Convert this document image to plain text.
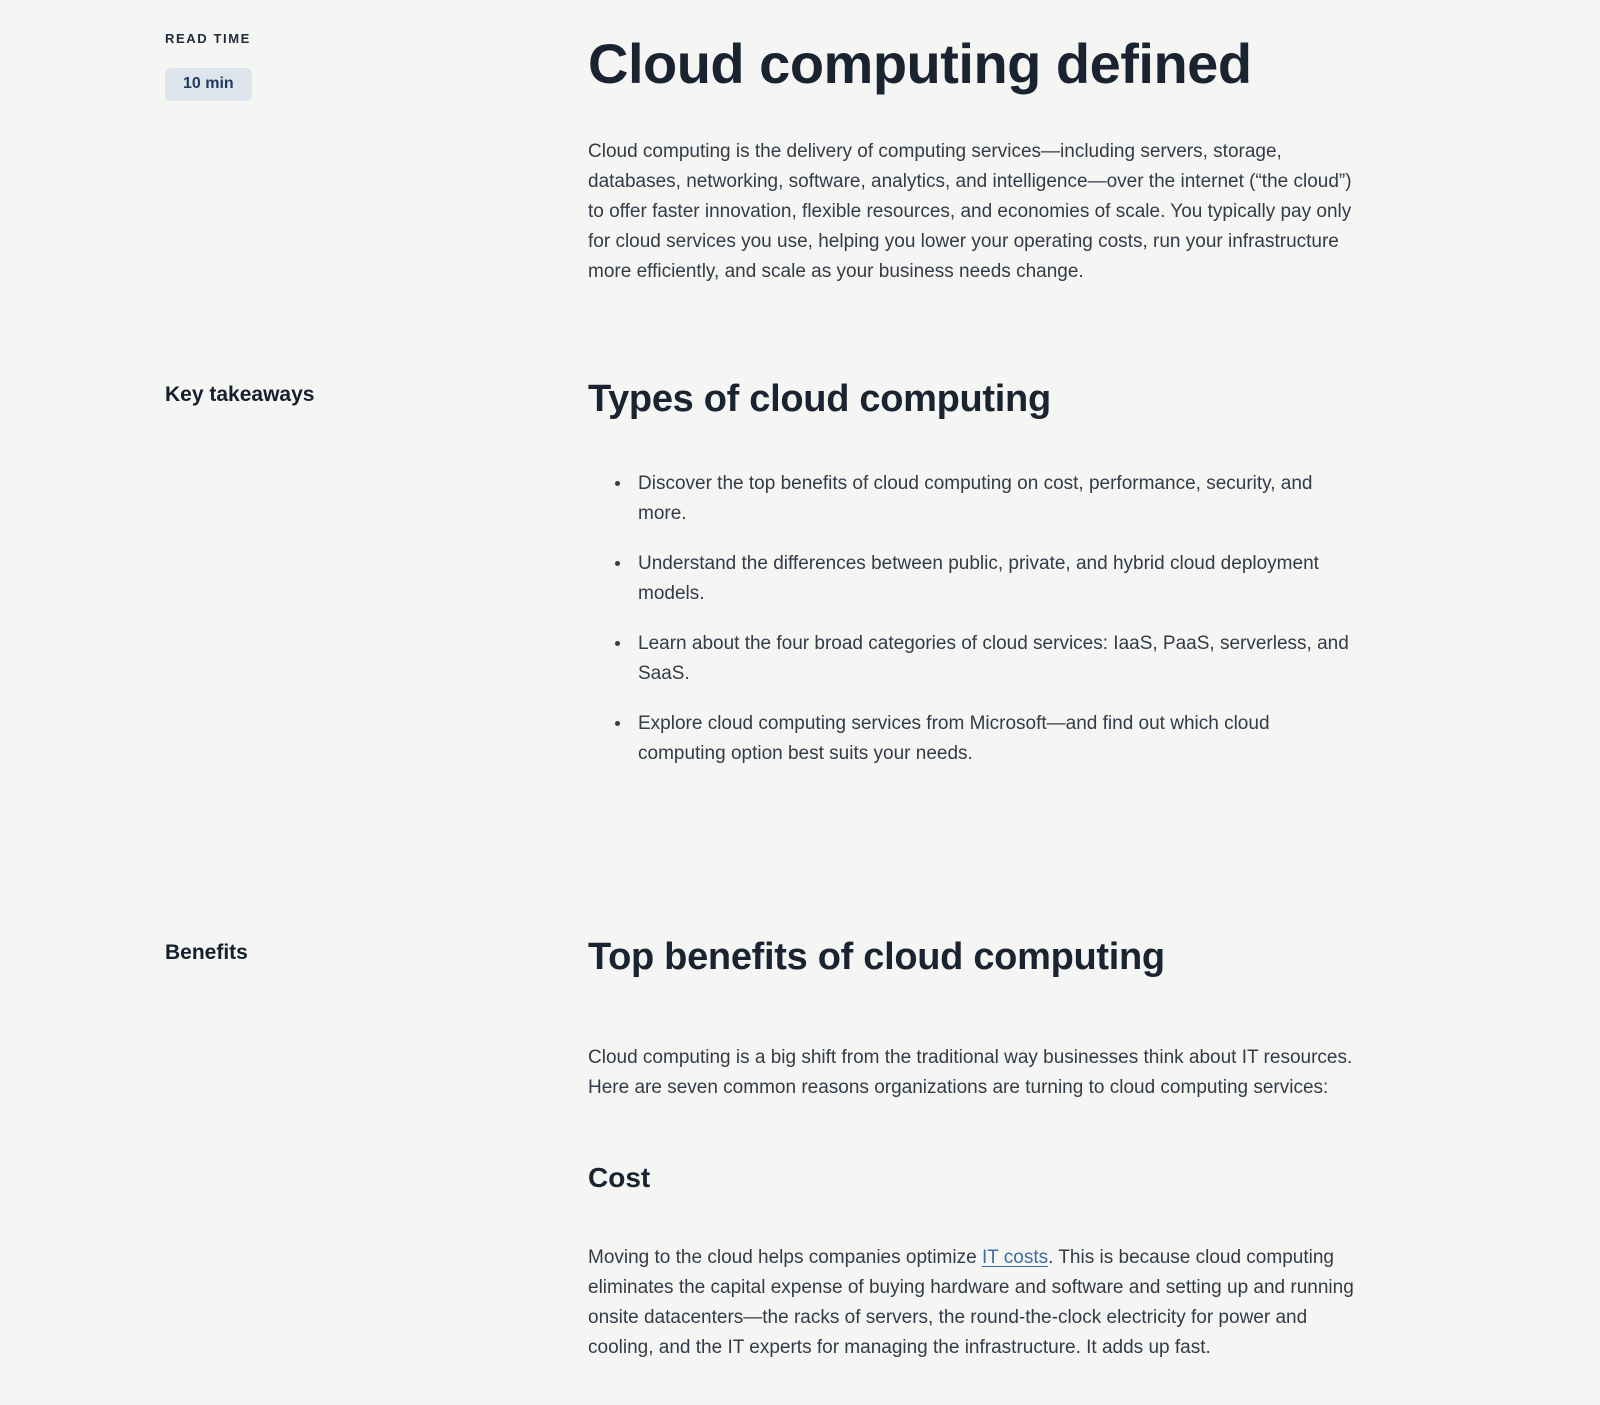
READ TIME
10 min	Cloud computing defined

Cloud computing is the delivery of computing services—including servers, storage, databases, networking, software, analytics, and intelligence—over the internet (“the cloud”) to offer faster innovation, flexible resources, and economies of scale. You typically pay only for cloud services you use, helping you lower your operating costs, run your infrastructure more efficiently, and scale as your business needs change.

Key takeaways	Types of cloud computing
• Discover the top benefits of cloud computing on cost, performance, security, and more.
• Understand the differences between public, private, and hybrid cloud deployment models.
• Learn about the four broad categories of cloud services: IaaS, PaaS, serverless, and SaaS.
• Explore cloud computing services from Microsoft—and find out which cloud computing option best suits your needs.
Benefits	Top benefits of cloud computing

Cloud computing is a big shift from the traditional way businesses think about IT resources. Here are seven common reasons organizations are turning to cloud computing services:

Cost

Moving to the cloud helps companies optimize IT costs. This is because cloud computing eliminates the capital expense of buying hardware and software and setting up and running onsite datacenters—the racks of servers, the round-the-clock electricity for power and cooling, and the IT experts for managing the infrastructure. It adds up fast.
